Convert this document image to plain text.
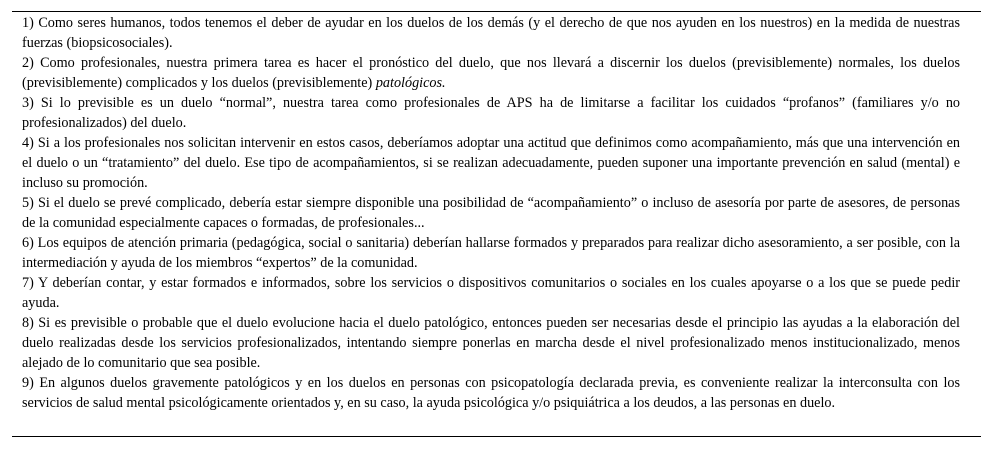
1) Como seres humanos, todos tenemos el deber de ayudar en los duelos de los demás (y el derecho de que nos ayuden en los nuestros) en la medida de nuestras fuerzas (biopsicosociales).
2) Como profesionales, nuestra primera tarea es hacer el pronóstico del duelo, que nos llevará a discernir los duelos (previsiblemente) normales, los duelos (previsiblemente) complicados y los duelos (previsiblemente) patológicos.
3) Si lo previsible es un duelo “normal”, nuestra tarea como profesionales de APS ha de limitarse a facilitar los cuidados “profanos” (familiares y/o no profesionalizados) del duelo.
4) Si a los profesionales nos solicitan intervenir en estos casos, deberíamos adoptar una actitud que definimos como acompañamiento, más que una intervención en el duelo o un “tratamiento” del duelo. Ese tipo de acompañamientos, si se realizan adecuadamente, pueden suponer una importante prevención en salud (mental) e incluso su promoción.
5) Si el duelo se prevé complicado, debería estar siempre disponible una posibilidad de “acompañamiento” o incluso de asesoría por parte de asesores, de personas de la comunidad especialmente capaces o formadas, de profesionales...
6) Los equipos de atención primaria (pedagógica, social o sanitaria) deberían hallarse formados y preparados para realizar dicho asesoramiento, a ser posible, con la intermediación y ayuda de los miembros “expertos” de la comunidad.
7) Y deberían contar, y estar formados e informados, sobre los servicios o dispositivos comunitarios o sociales en los cuales apoyarse o a los que se puede pedir ayuda.
8) Si es previsible o probable que el duelo evolucione hacia el duelo patológico, entonces pueden ser necesarias desde el principio las ayudas a la elaboración del duelo realizadas desde los servicios profesionalizados, intentando siempre ponerlas en marcha desde el nivel profesionalizado menos institucionalizado, menos alejado de lo comunitario que sea posible.
9) En algunos duelos gravemente patológicos y en los duelos en personas con psicopatología declarada previa, es conveniente realizar la interconsulta con los servicios de salud mental psicológicamente orientados y, en su caso, la ayuda psicológica y/o psiquiátrica a los deudos, a las personas en duelo.
